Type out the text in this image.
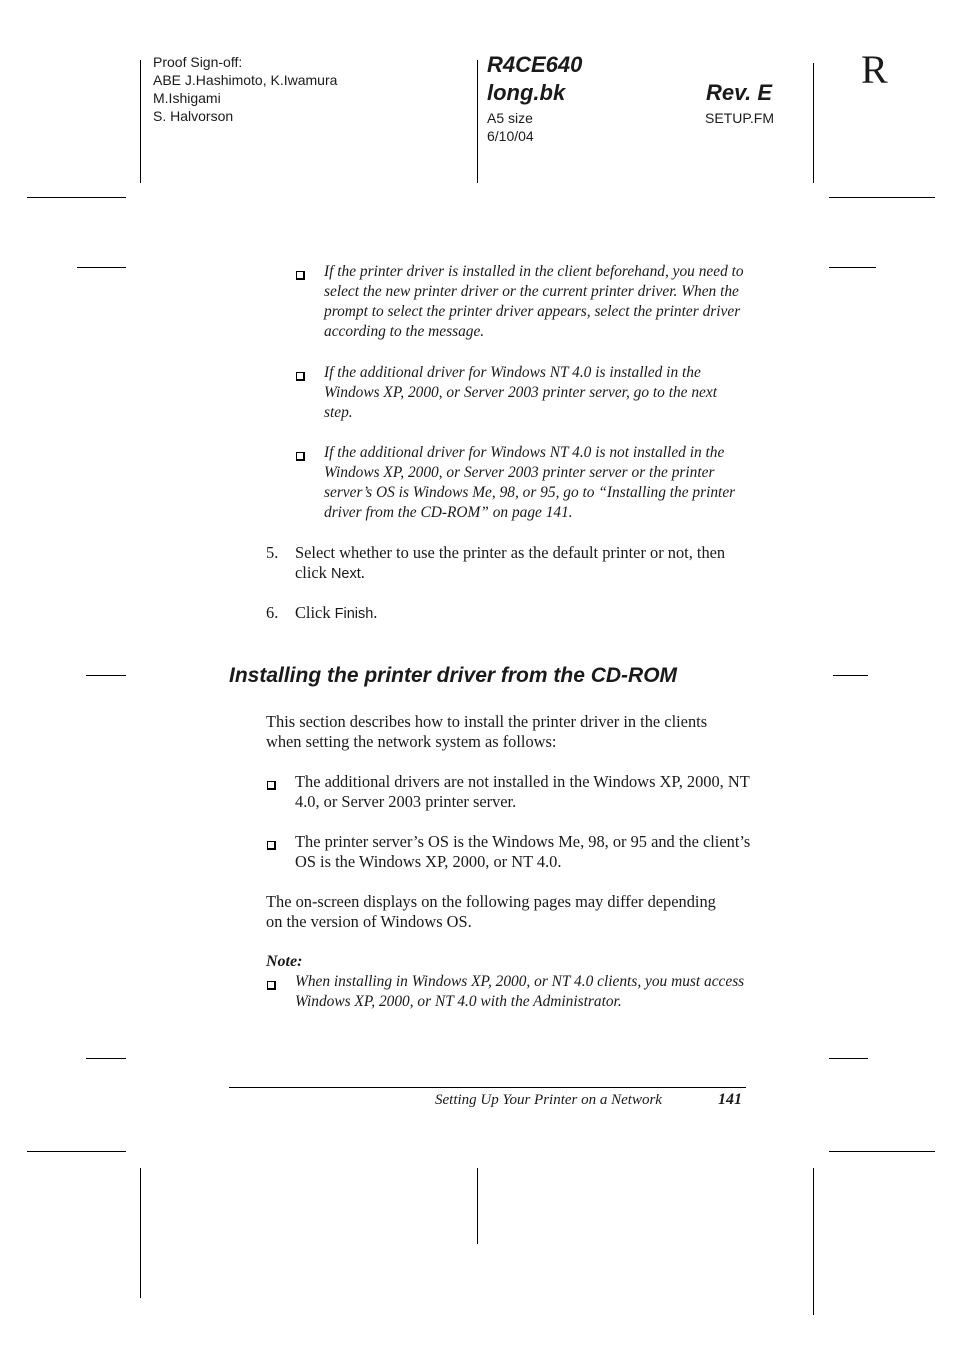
Proof Sign-off:
ABE J.Hashimoto, K.Iwamura
M.Ishigami
S. Halvorson
R4CE640
long.bk	Rev. E
A5 size
6/10/04
SETUP.FM
R
If the printer driver is installed in the client beforehand, you need to select the new printer driver or the current printer driver. When the prompt to select the printer driver appears, select the printer driver according to the message.
If the additional driver for Windows NT 4.0 is installed in the Windows XP, 2000, or Server 2003 printer server, go to the next step.
If the additional driver for Windows NT 4.0 is not installed in the Windows XP, 2000, or Server 2003 printer server or the printer server’s OS is Windows Me, 98, or 95, go to “Installing the printer driver from the CD-ROM” on page 141.
5. Select whether to use the printer as the default printer or not, then click Next.
6. Click Finish.
Installing the printer driver from the CD-ROM
This section describes how to install the printer driver in the clients when setting the network system as follows:
The additional drivers are not installed in the Windows XP, 2000, NT 4.0, or Server 2003 printer server.
The printer server’s OS is the Windows Me, 98, or 95 and the client’s OS is the Windows XP, 2000, or NT 4.0.
The on-screen displays on the following pages may differ depending on the version of Windows OS.
Note:
When installing in Windows XP, 2000, or NT 4.0 clients, you must access Windows XP, 2000, or NT 4.0 with the Administrator.
Setting Up Your Printer on a Network	141
